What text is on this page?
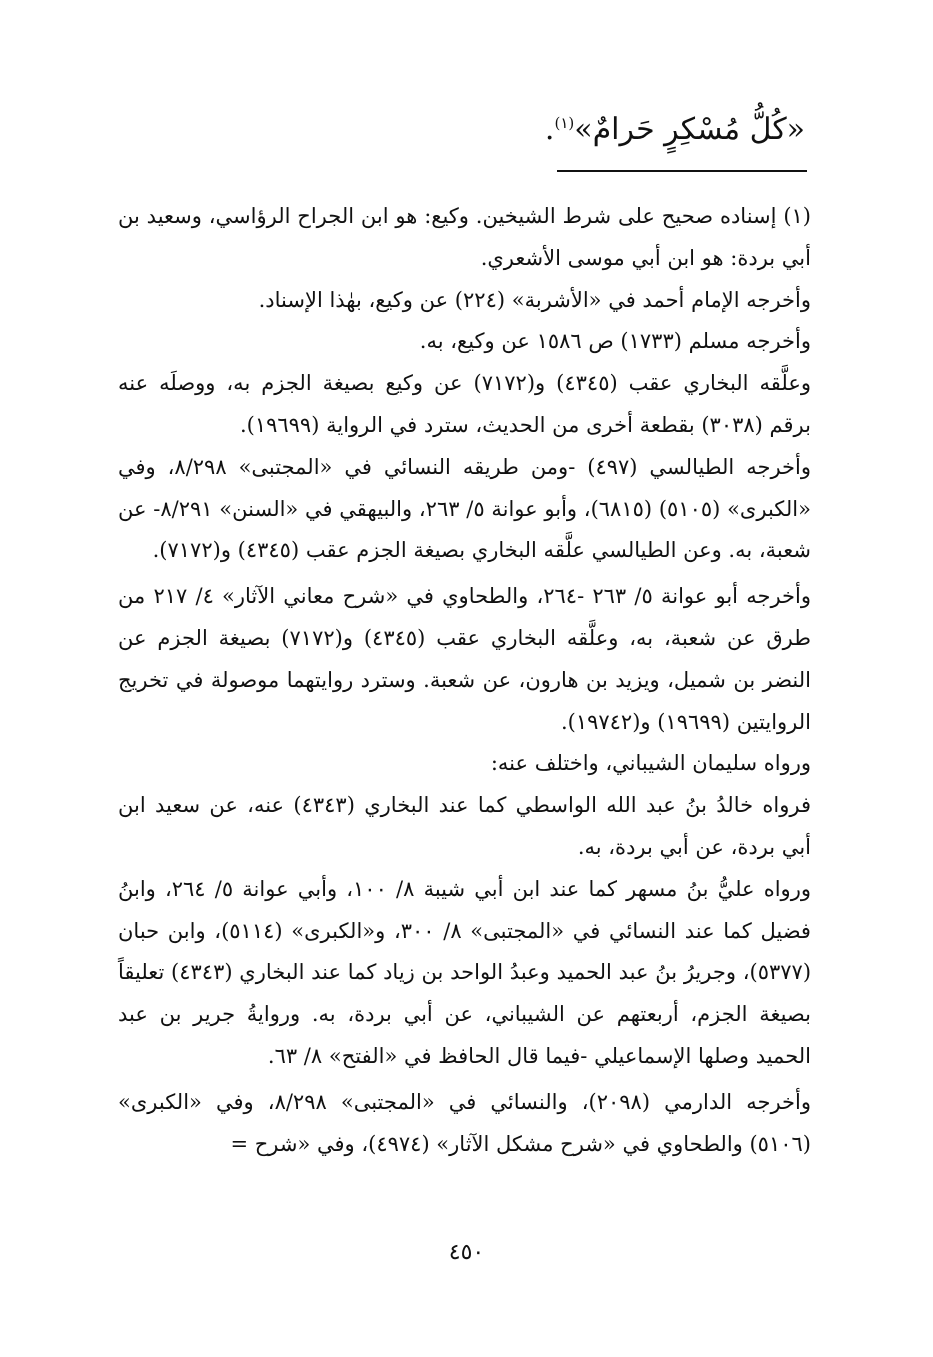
«كُلُّ مُسْكِرٍ حَرامٌ»$^{(١)}$.

(١) إسناده صحيح على شرط الشيخين. وكيع: هو ابن الجراح الرؤاسي، وسعيد بن أبي بردة: هو ابن أبي موسى الأشعري.

وأخرجه الإمام أحمد في «الأشربة» (٢٢٤) عن وكيع، بهٰذا الإسناد.

وأخرجه مسلم (١٧٣٣) ص ١٥٨٦ عن وكيع، به.

وعلَّقه البخاري عقب (٤٣٤٥) و(٧١٧٢) عن وكيع بصيغة الجزم به، ووصلَه عنه برقم (٣٠٣٨) بقطعة أخرى من الحديث، سترد في الرواية (١٩٦٩٩).

وأخرجه الطيالسي (٤٩٧) -ومن طريقه النسائي في «المجتبى» ٨/٢٩٨، وفي «الكبرى» (٥١٠٥) (٦٨١٥)، وأبو عوانة ٥/ ٢٦٣، والبيهقي في «السنن» ٨/٢٩١- عن شعبة، به. وعن الطيالسي علَّقه البخاري بصيغة الجزم عقب (٤٣٤٥) و(٧١٧٢).

وأخرجه أبو عوانة ٥/ ٢٦٣ -٢٦٤، والطحاوي في «شرح معاني الآثار» ٤/ ٢١٧ من طرق عن شعبة، به، وعلَّقه البخاري عقب (٤٣٤٥) و(٧١٧٢) بصيغة الجزم عن النضر بن شميل، ويزيد بن هارون، عن شعبة. وسترد روايتهما موصولة في تخريج الروايتين (١٩٦٩٩) و(١٩٧٤٢).

ورواه سليمان الشيباني، واختلف عنه:

فرواه خالدُ بنُ عبد الله الواسطي كما عند البخاري (٤٣٤٣) عنه، عن سعيد ابن أبي بردة، عن أبي بردة، به.

ورواه عليُّ بنُ مسهر كما عند ابن أبي شيبة ٨/ ١٠٠، وأبي عوانة ٥/ ٢٦٤، وابنُ فضيل كما عند النسائي في «المجتبى» ٨/ ٣٠٠، و«الكبرى» (٥١١٤)، وابن حبان (٥٣٧٧)، وجريرُ بنُ عبد الحميد وعبدُ الواحد بن زياد كما عند البخاري (٤٣٤٣) تعليقاً بصيغة الجزم، أربعتهم عن الشيباني، عن أبي بردة، به. وروايةُ جرير بن عبد الحميد وصلها الإسماعيلي -فيما قال الحافظ في «الفتح» ٨/ ٦٣.

وأخرجه الدارمي (٢٠٩٨)، والنسائي في «المجتبى» ٨/٢٩٨، وفي «الكبرى» (٥١٠٦) والطحاوي في «شرح مشكل الآثار» (٤٩٧٤)، وفي «شرح =

٤٥٠
